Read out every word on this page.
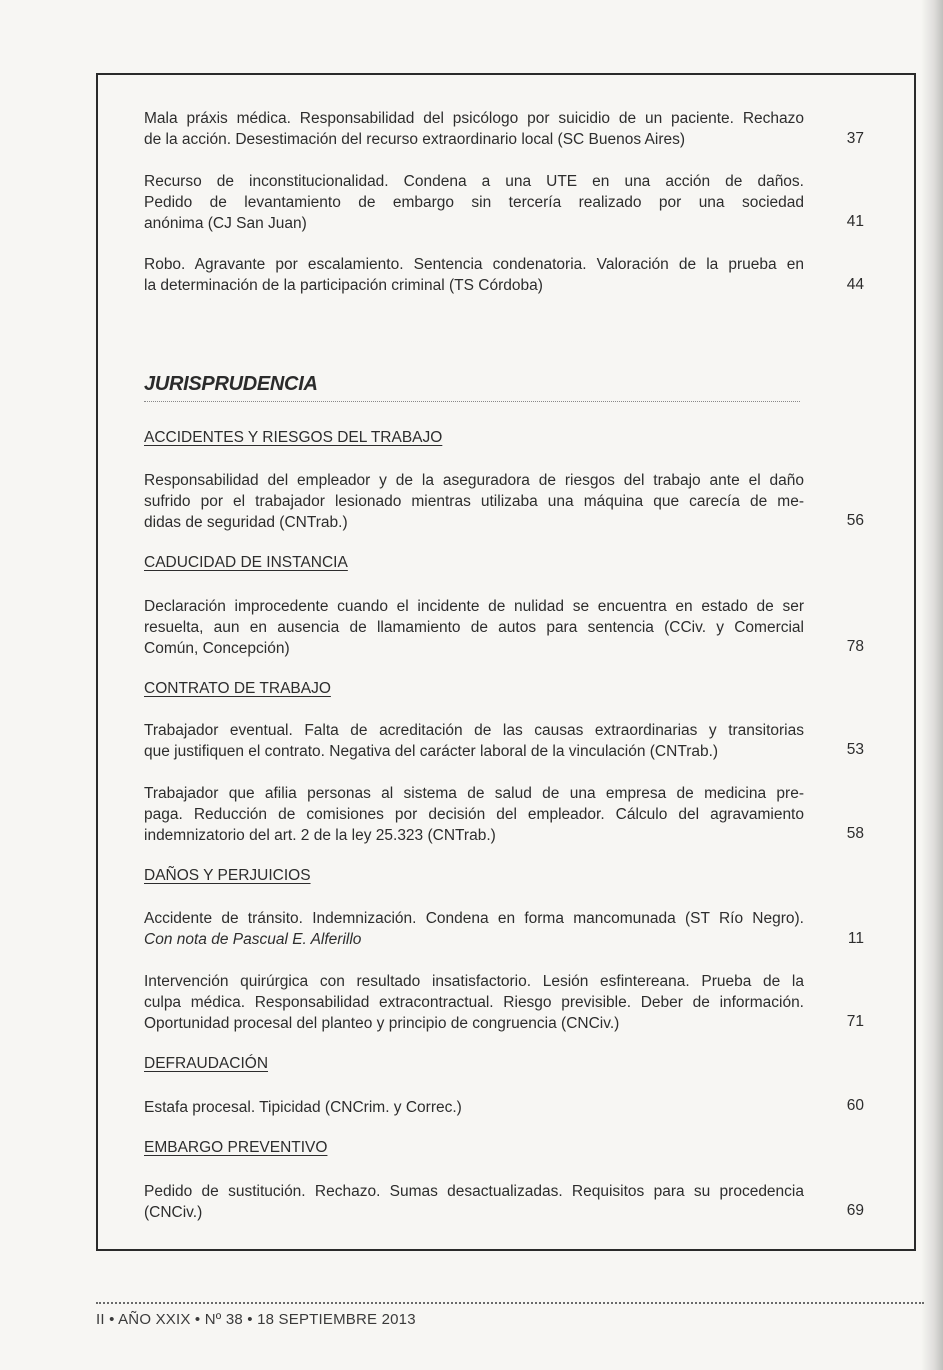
Mala práxis médica. Responsabilidad del psicólogo por suicidio de un paciente. Rechazo
de la acción. Desestimación del recurso extraordinario local (SC Buenos Aires)	37
Recurso de inconstitucionalidad. Condena a una UTE en una acción de daños.
Pedido de levantamiento de embargo sin tercería realizado por una sociedad
anónima (CJ San Juan)	41
Robo. Agravante por escalamiento. Sentencia condenatoria. Valoración de la prueba en
la determinación de la participación criminal (TS Córdoba)	44
JURISPRUDENCIA
ACCIDENTES Y RIESGOS DEL TRABAJO
Responsabilidad del empleador y de la aseguradora de riesgos del trabajo ante el daño
sufrido por el trabajador lesionado mientras utilizaba una máquina que carecía de me-
didas de seguridad (CNTrab.)	56
CADUCIDAD DE INSTANCIA
Declaración improcedente cuando el incidente de nulidad se encuentra en estado de ser
resuelta, aun en ausencia de llamamiento de autos para sentencia (CCiv. y Comercial
Común, Concepción)	78
CONTRATO DE TRABAJO
Trabajador eventual. Falta de acreditación de las causas extraordinarias y transitorias
que justifiquen el contrato. Negativa del carácter laboral de la vinculación (CNTrab.)	53
Trabajador que afilia personas al sistema de salud de una empresa de medicina pre-
paga. Reducción de comisiones por decisión del empleador. Cálculo del agravamiento
indemnizatorio del art. 2 de la ley 25.323 (CNTrab.)	58
DAÑOS Y PERJUICIOS
Accidente de tránsito. Indemnización. Condena en forma mancomunada (ST Río Negro).
Con nota de Pascual E. Alferillo	11
Intervención quirúrgica con resultado insatisfactorio. Lesión esfintereana. Prueba de la
culpa médica. Responsabilidad extracontractual. Riesgo previsible. Deber de información.
Oportunidad procesal del planteo y principio de congruencia (CNCiv.)	71
DEFRAUDACIÓN
Estafa procesal. Tipicidad (CNCrim. y Correc.)	60
EMBARGO PREVENTIVO
Pedido de sustitución. Rechazo. Sumas desactualizadas. Requisitos para su procedencia
(CNCiv.)	69
II • AÑO XXIX • Nº 38 • 18 SEPTIEMBRE 2013
